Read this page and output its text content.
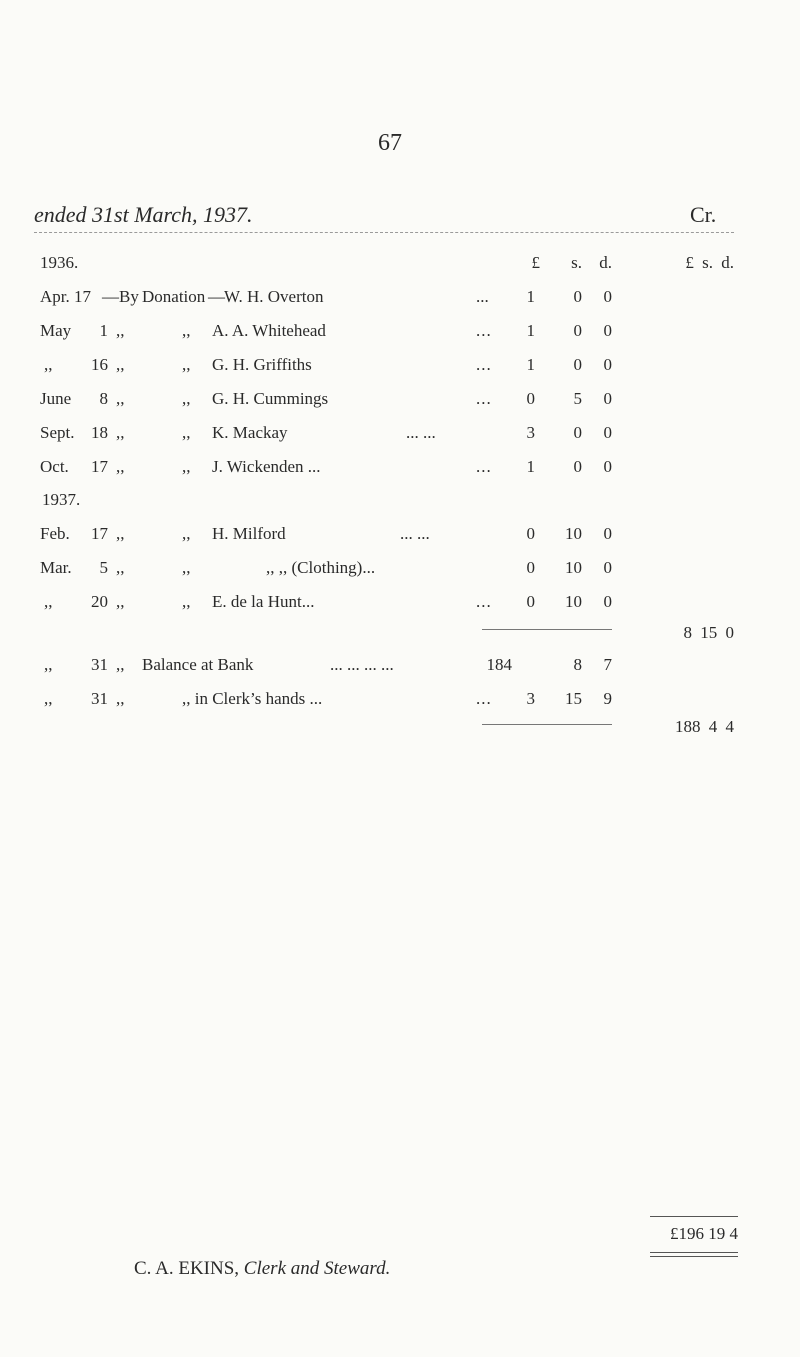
67
ended 31st March, 1937.	Cr.
1936.	£	s.	d.	£ s. d.
Apr. 17 —By Donation — W. H. Overton	...	1	0	0
May	1 ,,	,, A. A. Whitehead	...	1	0	0
,,	16 ,,	,, G. H. Griffiths	...	1	0	0
June	8 ,,	,, G. H. Cummings	...	0	5	0
Sept. 18 ,,	,, K. Mackay	... ...	3	0	0
Oct.	17 ,,	,, J. Wickenden ...	...	1	0	0
1937.
Feb.	17 ,,	,, H. Milford	... ...	0	10	0
Mar.	5 ,,	,,	,, ,, (Clothing)...	0	10	0
,,	20 ,,	,, E. de la Hunt...	...	0	10	0
8 15 0
,,	31 ,, Balance at Bank	... ... ... ...	184	8	7
,,	31 ,,	,, in Clerk’s hands ...	...	3	15	9
188 4 4
£196 19 4
C. A. EKINS, Clerk and Steward.
